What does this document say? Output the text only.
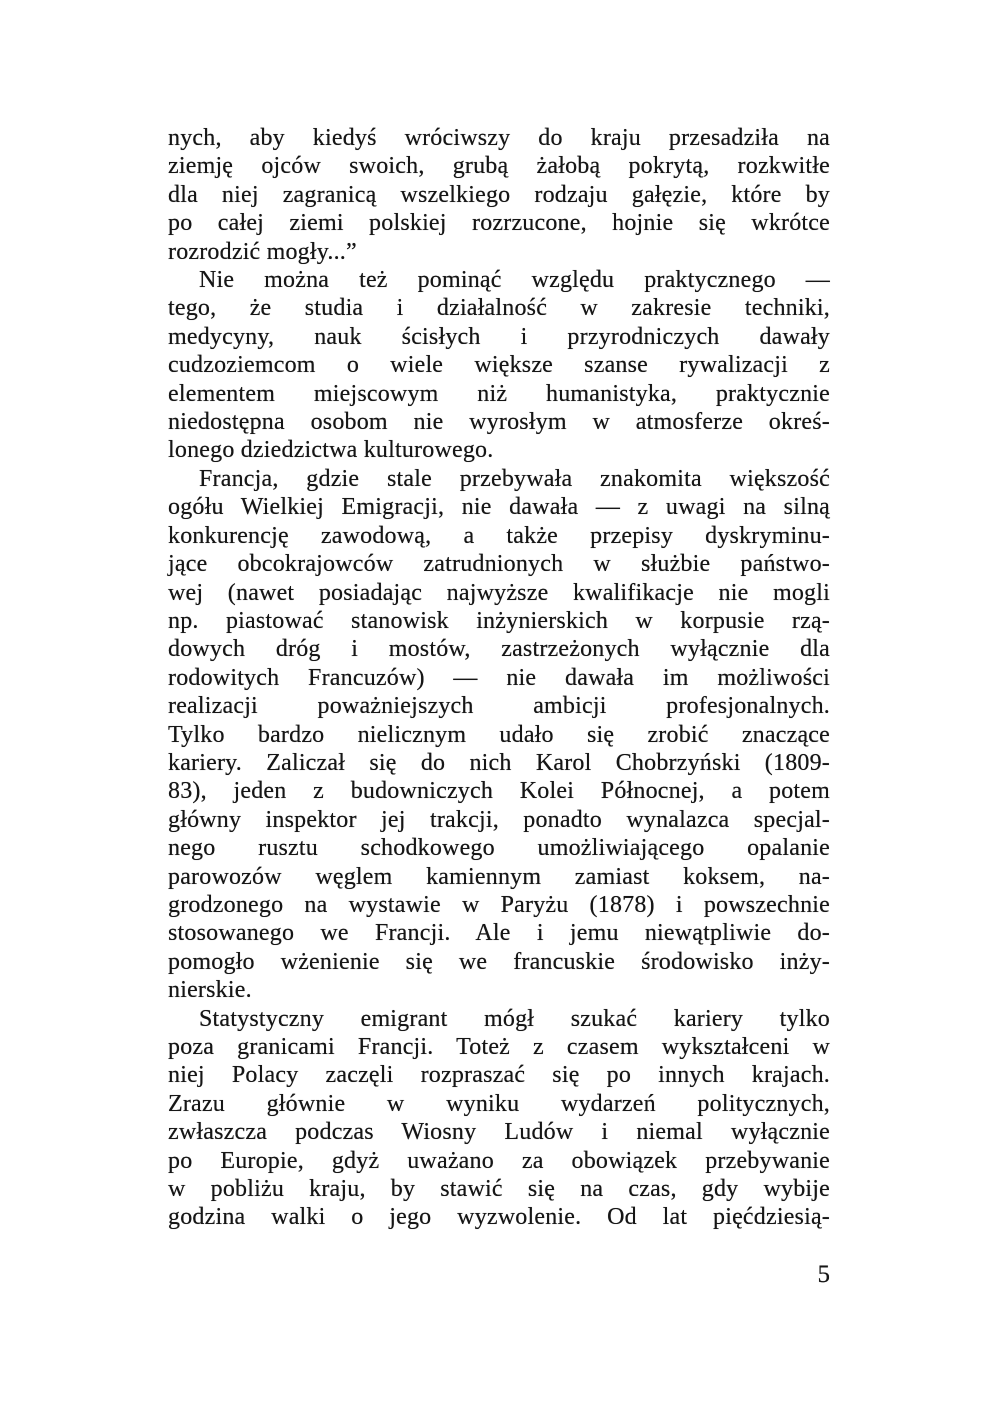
nych, aby kiedyś wróciwszy do kraju przesadziła na
ziemję ojców swoich, grubą żałobą pokrytą, rozkwitłe
dla niej zagranicą wszelkiego rodzaju gałęzie, które by
po całej ziemi polskiej rozrzucone, hojnie się wkrótce
rozrodzić mogły...”
Nie można też pominąć względu praktycznego —
tego, że studia i działalność w zakresie techniki,
medycyny, nauk ścisłych i przyrodniczych dawały
cudzoziemcom o wiele większe szanse rywalizacji z
elementem miejscowym niż humanistyka, praktycznie
niedostępna osobom nie wyrosłym w atmosferze okreś-
lonego dziedzictwa kulturowego.
Francja, gdzie stale przebywała znakomita większość
ogółu Wielkiej Emigracji, nie dawała — z uwagi na silną
konkurencję zawodową, a także przepisy dyskryminu-
jące obcokrajowców zatrudnionych w służbie państwo-
wej (nawet posiadając najwyższe kwalifikacje nie mogli
np. piastować stanowisk inżynierskich w korpusie rzą-
dowych dróg i mostów, zastrzeżonych wyłącznie dla
rodowitych Francuzów) — nie dawała im możliwości
realizacji poważniejszych ambicji profesjonalnych.
Tylko bardzo nielicznym udało się zrobić znaczące
kariery. Zaliczał się do nich Karol Chobrzyński (1809-
83), jeden z budowniczych Kolei Północnej, a potem
główny inspektor jej trakcji, ponadto wynalazca specjal-
nego rusztu schodkowego umożliwiającego opalanie
parowozów węglem kamiennym zamiast koksem, na-
grodzonego na wystawie w Paryżu (1878) i powszechnie
stosowanego we Francji. Ale i jemu niewątpliwie do-
pomogło wżenienie się we francuskie środowisko inży-
nierskie.
Statystyczny emigrant mógł szukać kariery tylko
poza granicami Francji. Toteż z czasem wykształceni w
niej Polacy zaczęli rozpraszać się po innych krajach.
Zrazu głównie w wyniku wydarzeń politycznych,
zwłaszcza podczas Wiosny Ludów i niemal wyłącznie
po Europie, gdyż uważano za obowiązek przebywanie
w pobliżu kraju, by stawić się na czas, gdy wybije
godzina walki o jego wyzwolenie. Od lat pięćdziesią-
5
